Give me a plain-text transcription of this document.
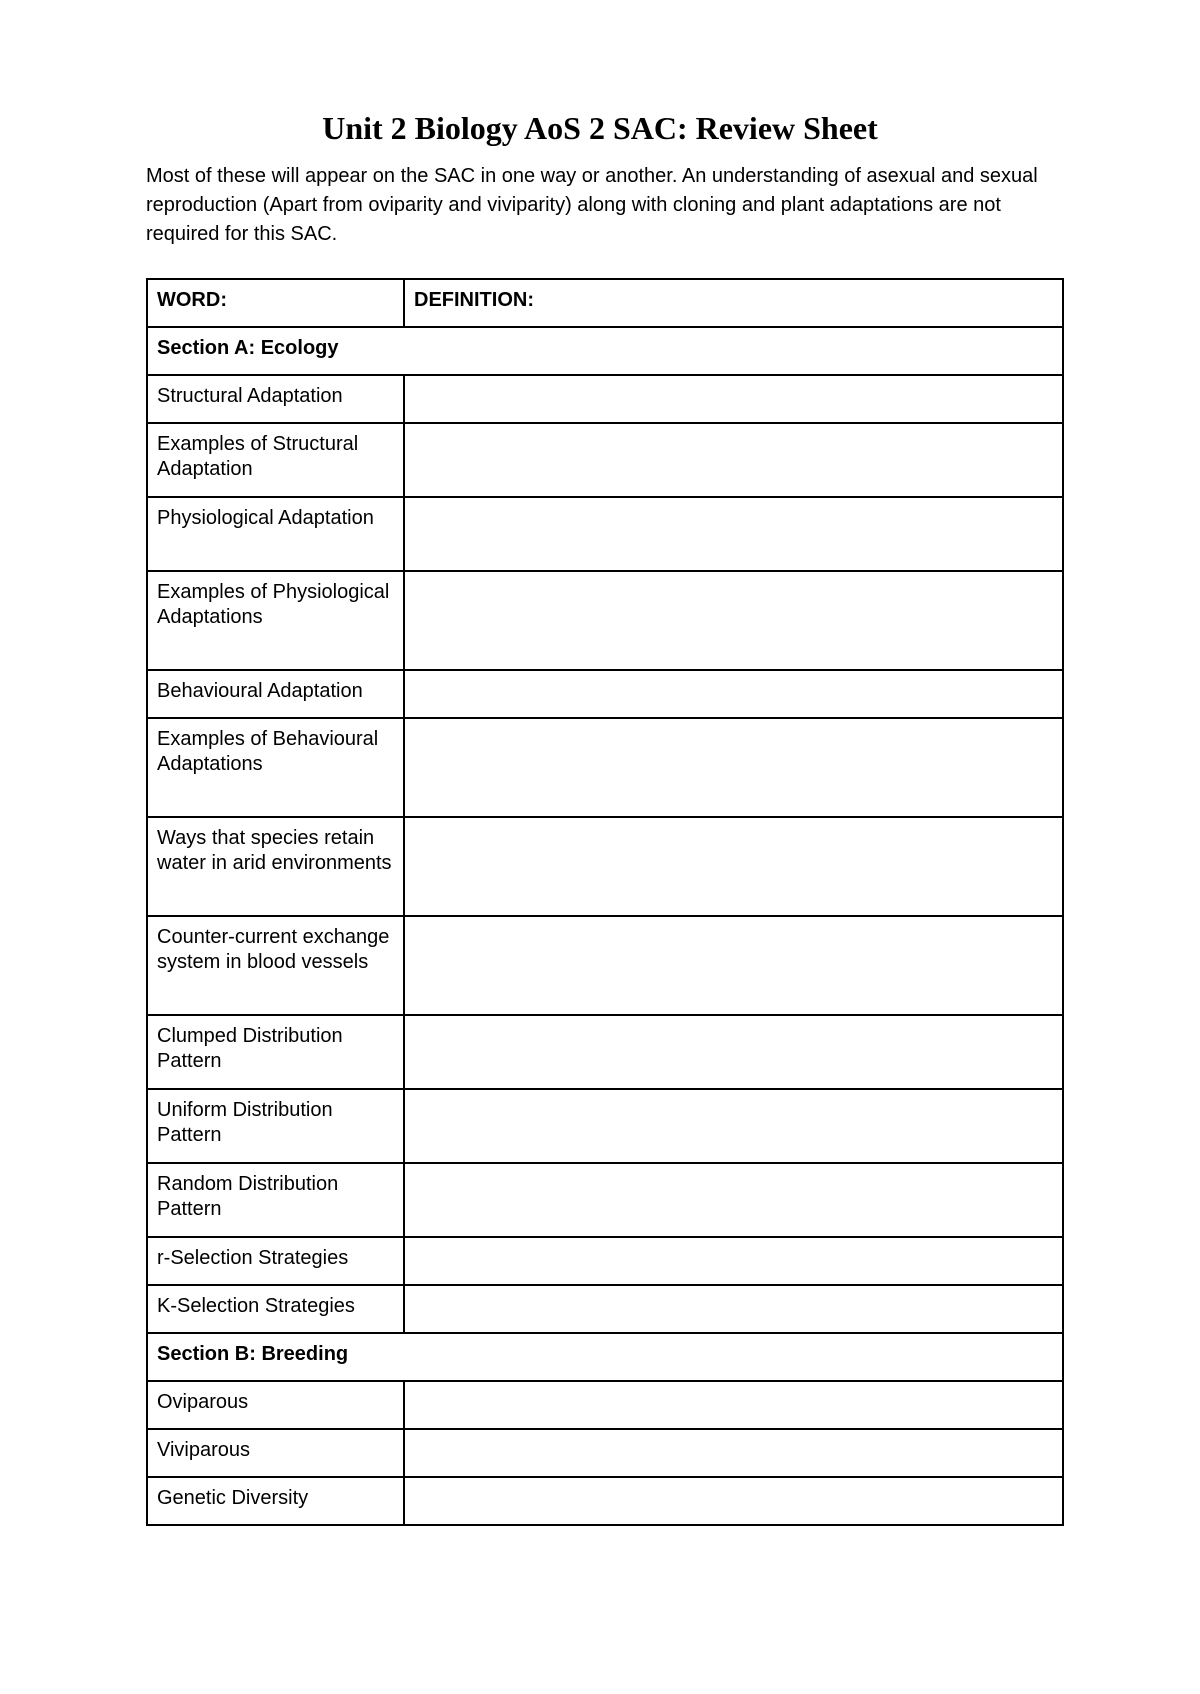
Unit 2 Biology AoS 2 SAC: Review Sheet

Most of these will appear on the SAC in one way or another. An understanding of asexual and sexual reproduction (Apart from oviparity and viviparity) along with cloning and plant adaptations are not required for this SAC.

WORD:	DEFINITION:
Section A: Ecology	
Structural Adaptation	
Examples of Structural Adaptation	
Physiological Adaptation	
Examples of Physiological Adaptations	
Behavioural Adaptation	
Examples of Behavioural Adaptations	
Ways that species retain water in arid environments	
Counter-current exchange system in blood vessels	
Clumped Distribution Pattern	
Uniform Distribution Pattern	
Random Distribution Pattern	
r-Selection Strategies	
K-Selection Strategies	
Section B: Breeding	
Oviparous	
Viviparous	
Genetic Diversity	
